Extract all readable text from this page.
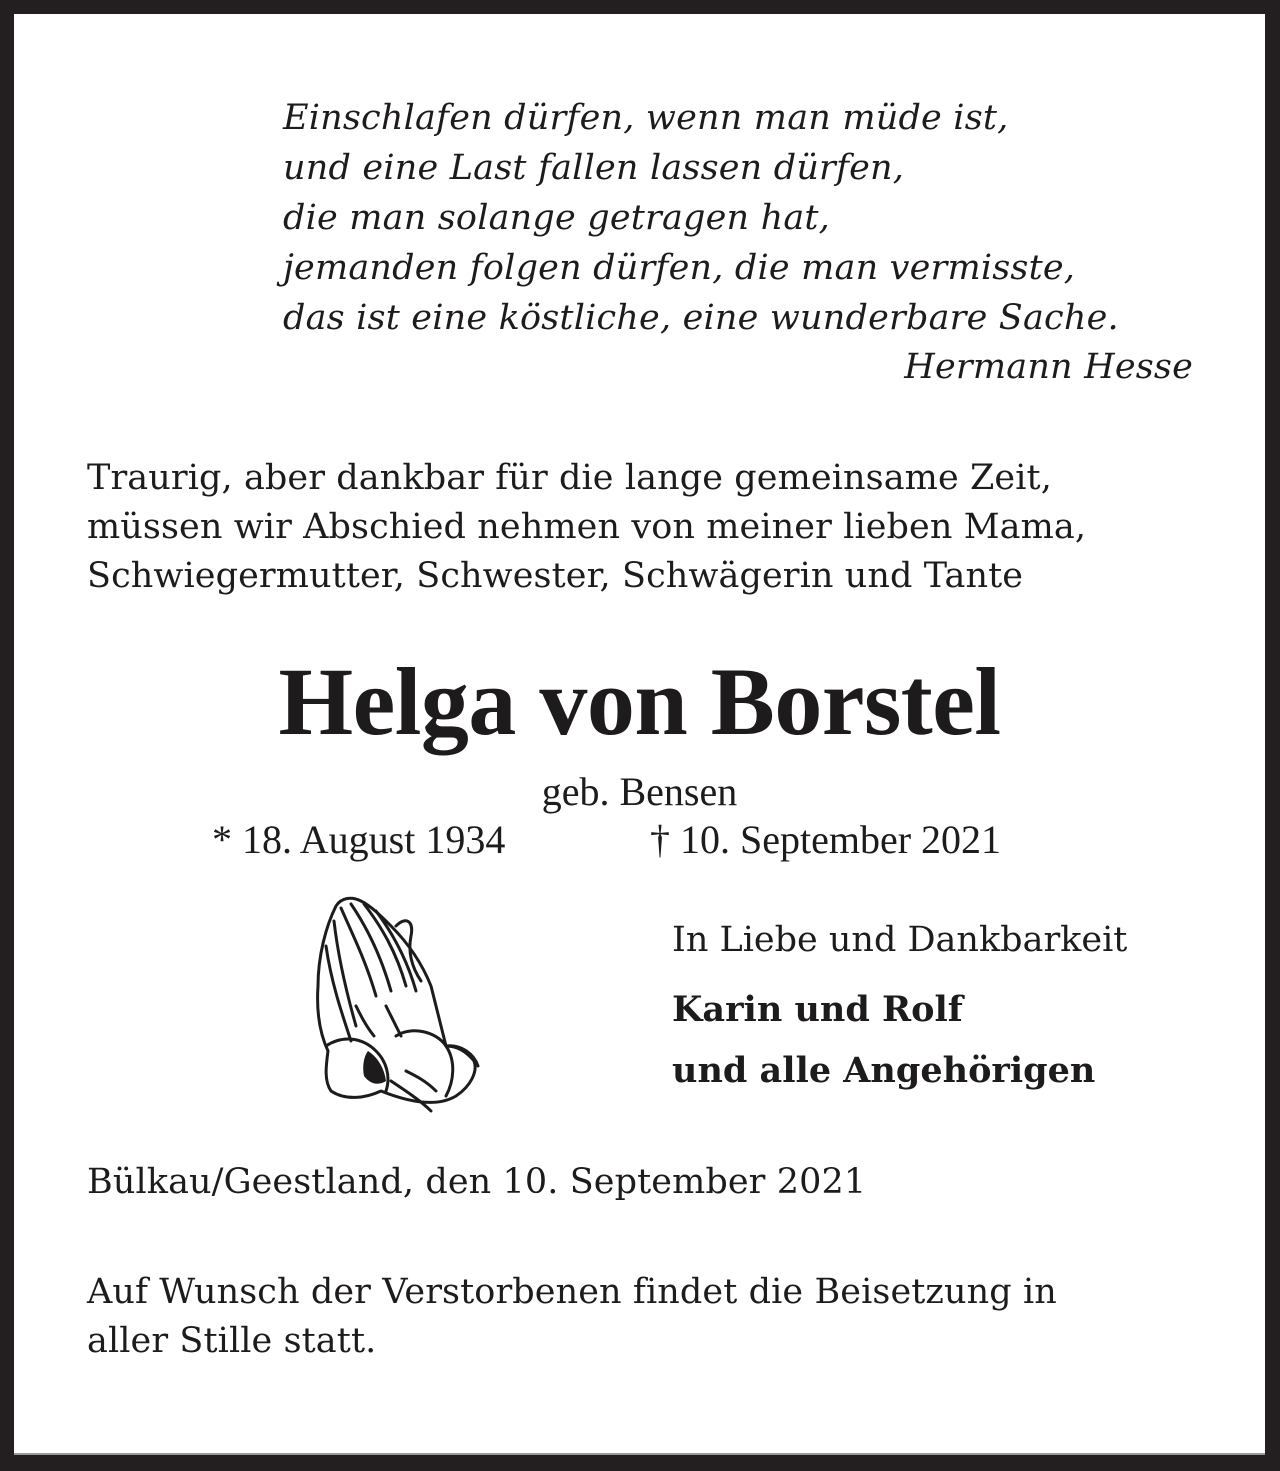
Einschlafen dürfen, wenn man müde ist,

und eine Last fallen lassen dürfen,

die man solange getragen hat,

jemanden folgen dürfen, die man vermisste,

das ist eine köstliche, eine wunderbare Sache.

Hermann Hesse

Traurig, aber dankbar für die lange gemeinsame Zeit,

müssen wir Abschied nehmen von meiner lieben Mama,

Schwiegermutter, Schwester, Schwägerin und Tante

Helga von Borstel

geb. Bensen

* 18. August 1934	† 10. September 2021

In Liebe und Dankbarkeit

Karin und Rolf

und alle Angehörigen

Bülkau/Geestland, den 10. September 2021

Auf Wunsch der Verstorbenen findet die Beisetzung in

aller Stille statt.
